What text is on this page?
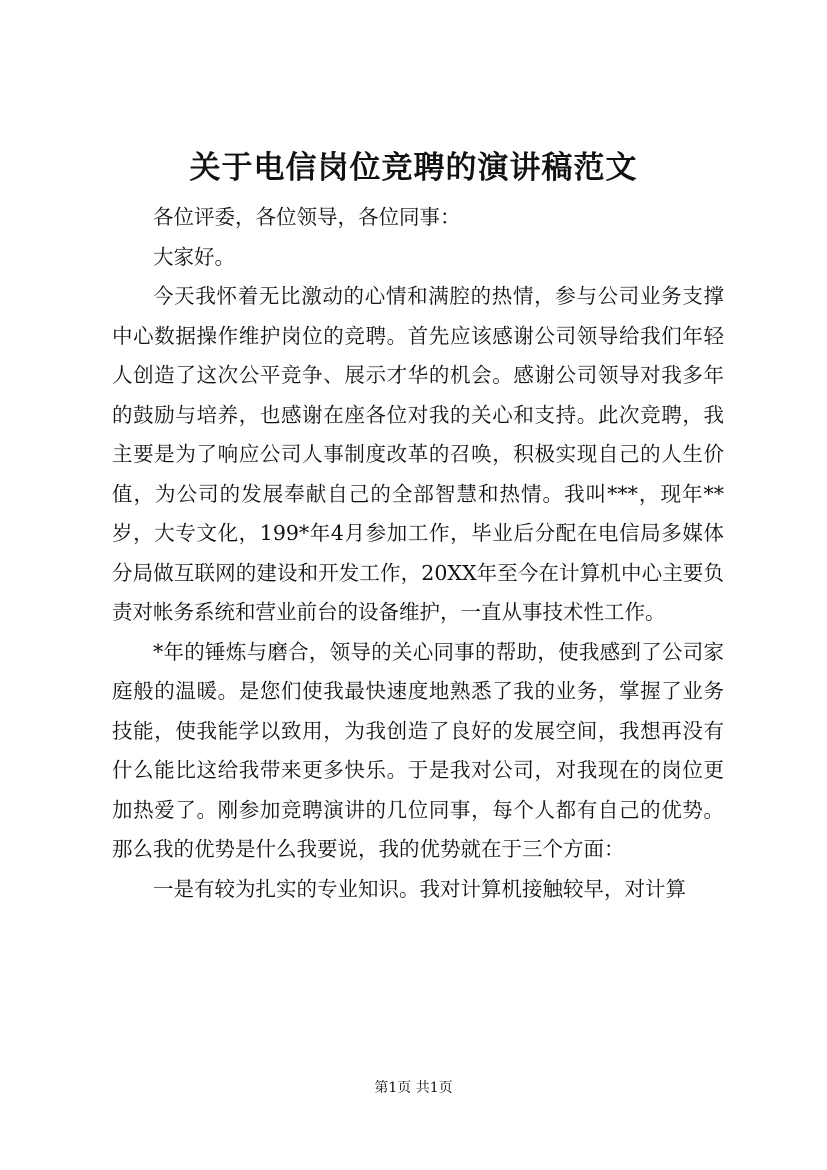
关于电信岗位竞聘的演讲稿范文

各位评委，各位领导，各位同事：

大家好。

今天我怀着无比激动的心情和满腔的热情，参与公司业务支撑中心数据操作维护岗位的竞聘。首先应该感谢公司领导给我们年轻人创造了这次公平竞争、展示才华的机会。感谢公司领导对我多年的鼓励与培养，也感谢在座各位对我的关心和支持。此次竞聘，我主要是为了响应公司人事制度改革的召唤，积极实现自己的人生价值，为公司的发展奉献自己的全部智慧和热情。我叫***，现年**岁，大专文化，199*年4月参加工作，毕业后分配在电信局多媒体分局做互联网的建设和开发工作，20XX年至今在计算机中心主要负责对帐务系统和营业前台的设备维护，一直从事技术性工作。

*年的锤炼与磨合，领导的关心同事的帮助，使我感到了公司家庭般的温暖。是您们使我最快速度地熟悉了我的业务，掌握了业务技能，使我能学以致用，为我创造了良好的发展空间，我想再没有什么能比这给我带来更多快乐。于是我对公司，对我现在的岗位更加热爱了。刚参加竞聘演讲的几位同事，每个人都有自己的优势。那么我的优势是什么我要说，我的优势就在于三个方面：

一是有较为扎实的专业知识。我对计算机接触较早，对计算

第1页 共1页
